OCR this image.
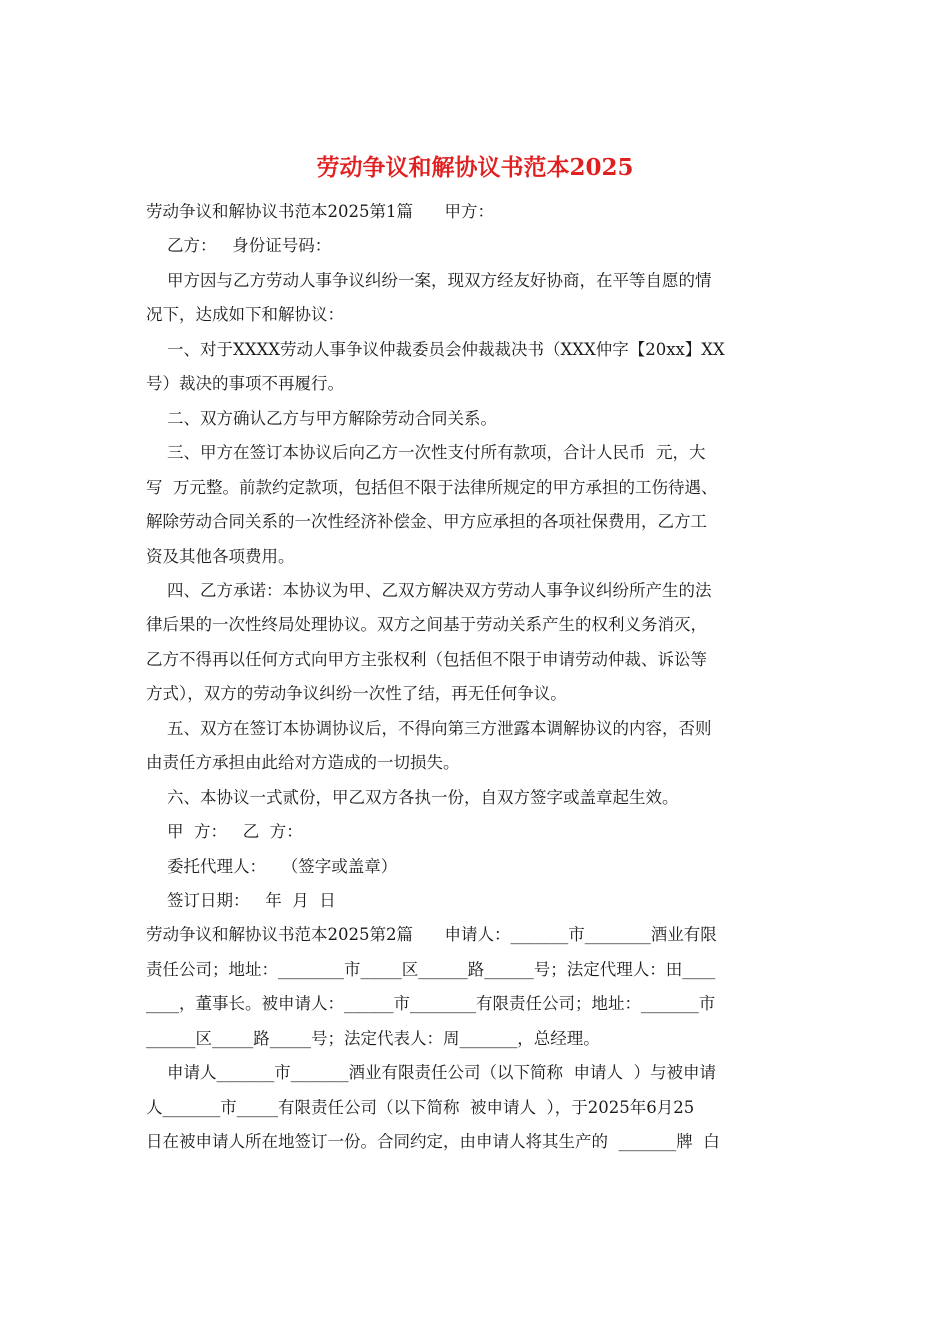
劳动争议和解协议书范本2025
劳动争议和解协议书范本2025第1篇      甲方：
乙方：   身份证号码：
甲方因与乙方劳动人事争议纠纷一案，现双方经友好协商，在平等自愿的情
况下，达成如下和解协议：
一、对于XXXX劳动人事争议仲裁委员会仲裁裁决书（XXX仲字【20xx】XX
号）裁决的事项不再履行。
二、双方确认乙方与甲方解除劳动合同关系。
三、甲方在签订本协议后向乙方一次性支付所有款项，合计人民币  元，大
写  万元整。前款约定款项，包括但不限于法律所规定的甲方承担的工伤待遇、
解除劳动合同关系的一次性经济补偿金、甲方应承担的各项社保费用，乙方工
资及其他各项费用。
四、乙方承诺：本协议为甲、乙双方解决双方劳动人事争议纠纷所产生的法
律后果的一次性终局处理协议。双方之间基于劳动关系产生的权利义务消灭，
乙方不得再以任何方式向甲方主张权利（包括但不限于申请劳动仲裁、诉讼等
方式），双方的劳动争议纠纷一次性了结，再无任何争议。
五、双方在签订本协调协议后，不得向第三方泄露本调解协议的内容，否则
由责任方承担由此给对方造成的一切损失。
六、本协议一式贰份，甲乙双方各执一份，自双方签字或盖章起生效。
甲  方：   乙  方：
委托代理人：   （签字或盖章）
签订日期：   年  月  日
劳动争议和解协议书范本2025第2篇      申请人：_______市________酒业有限
责任公司；地址：________市_____区______路______号；法定代理人：田____
____，董事长。被申请人：______市________有限责任公司；地址：_______市
______区_____路_____号；法定代表人：周_______，总经理。
申请人_______市_______酒业有限责任公司（以下简称  申请人  ）与被申请
人_______市_____有限责任公司（以下简称  被申请人  ），于2025年6月25
日在被申请人所在地签订一份。合同约定，由申请人将其生产的  _______牌  白
